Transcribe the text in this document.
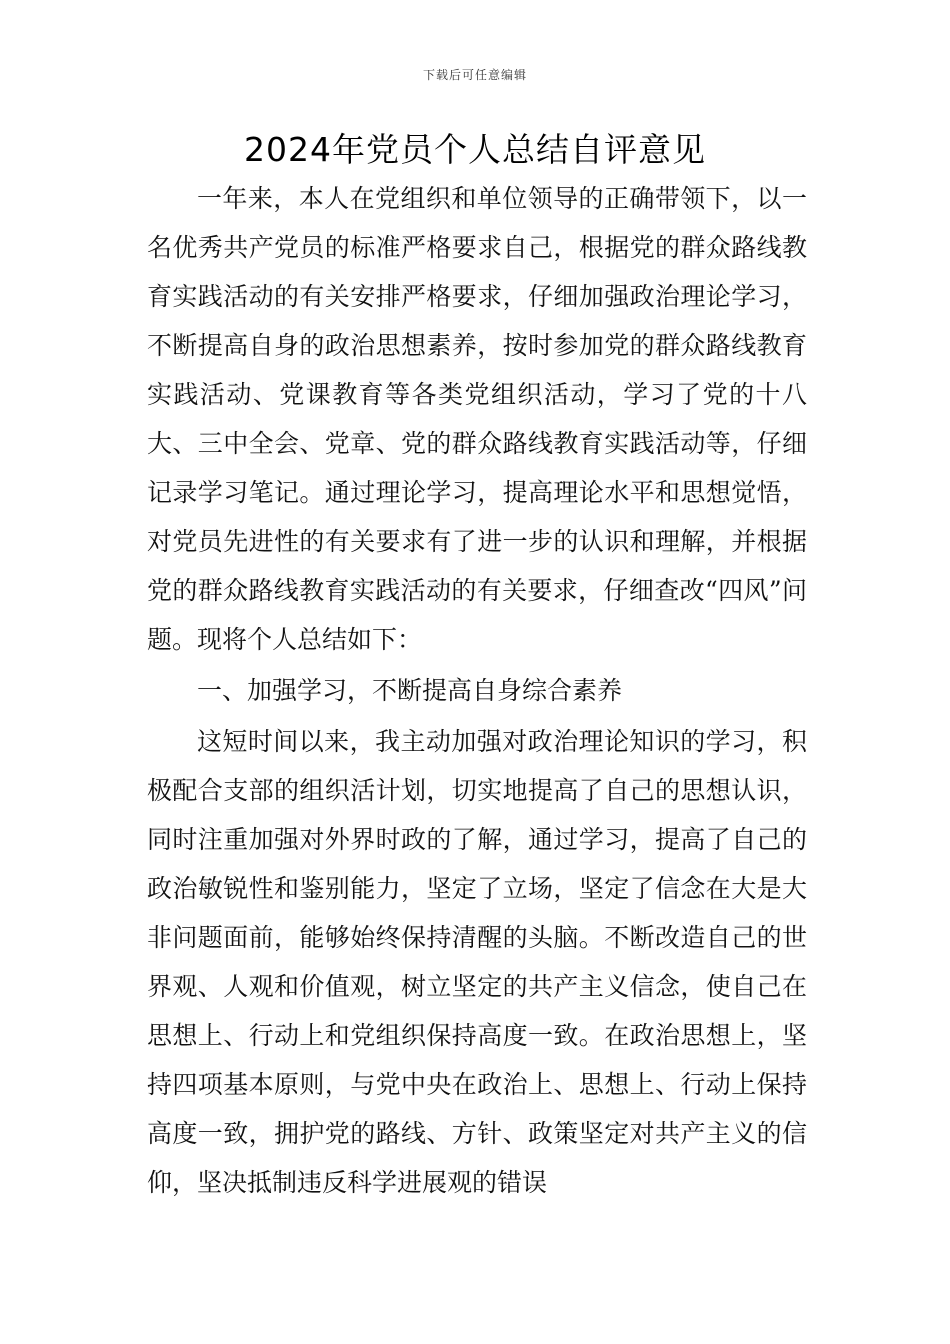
下载后可任意编辑
2024年党员个人总结自评意见

一年来，本人在党组织和单位领导的正确带领下，以一名优秀共产党员的标准严格要求自己，根据党的群众路线教育实践活动的有关安排严格要求，仔细加强政治理论学习，不断提高自身的政治思想素养，按时参加党的群众路线教育实践活动、党课教育等各类党组织活动，学习了党的十八大、三中全会、党章、党的群众路线教育实践活动等，仔细记录学习笔记。通过理论学习，提高理论水平和思想觉悟，对党员先进性的有关要求有了进一步的认识和理解，并根据党的群众路线教育实践活动的有关要求，仔细查改“四风”问题。现将个人总结如下：

一、加强学习，不断提高自身综合素养

这短时间以来，我主动加强对政治理论知识的学习，积极配合支部的组织活计划，切实地提高了自己的思想认识，同时注重加强对外界时政的了解，通过学习，提高了自己的政治敏锐性和鉴别能力，坚定了立场，坚定了信念在大是大非问题面前，能够始终保持清醒的头脑。不断改造自己的世界观、人观和价值观，树立坚定的共产主义信念，使自己在思想上、行动上和党组织保持高度一致。在政治思想上，坚持四项基本原则，与党中央在政治上、思想上、行动上保持高度一致，拥护党的路线、方针、政策坚定对共产主义的信仰，坚决抵制违反科学进展观的错误
